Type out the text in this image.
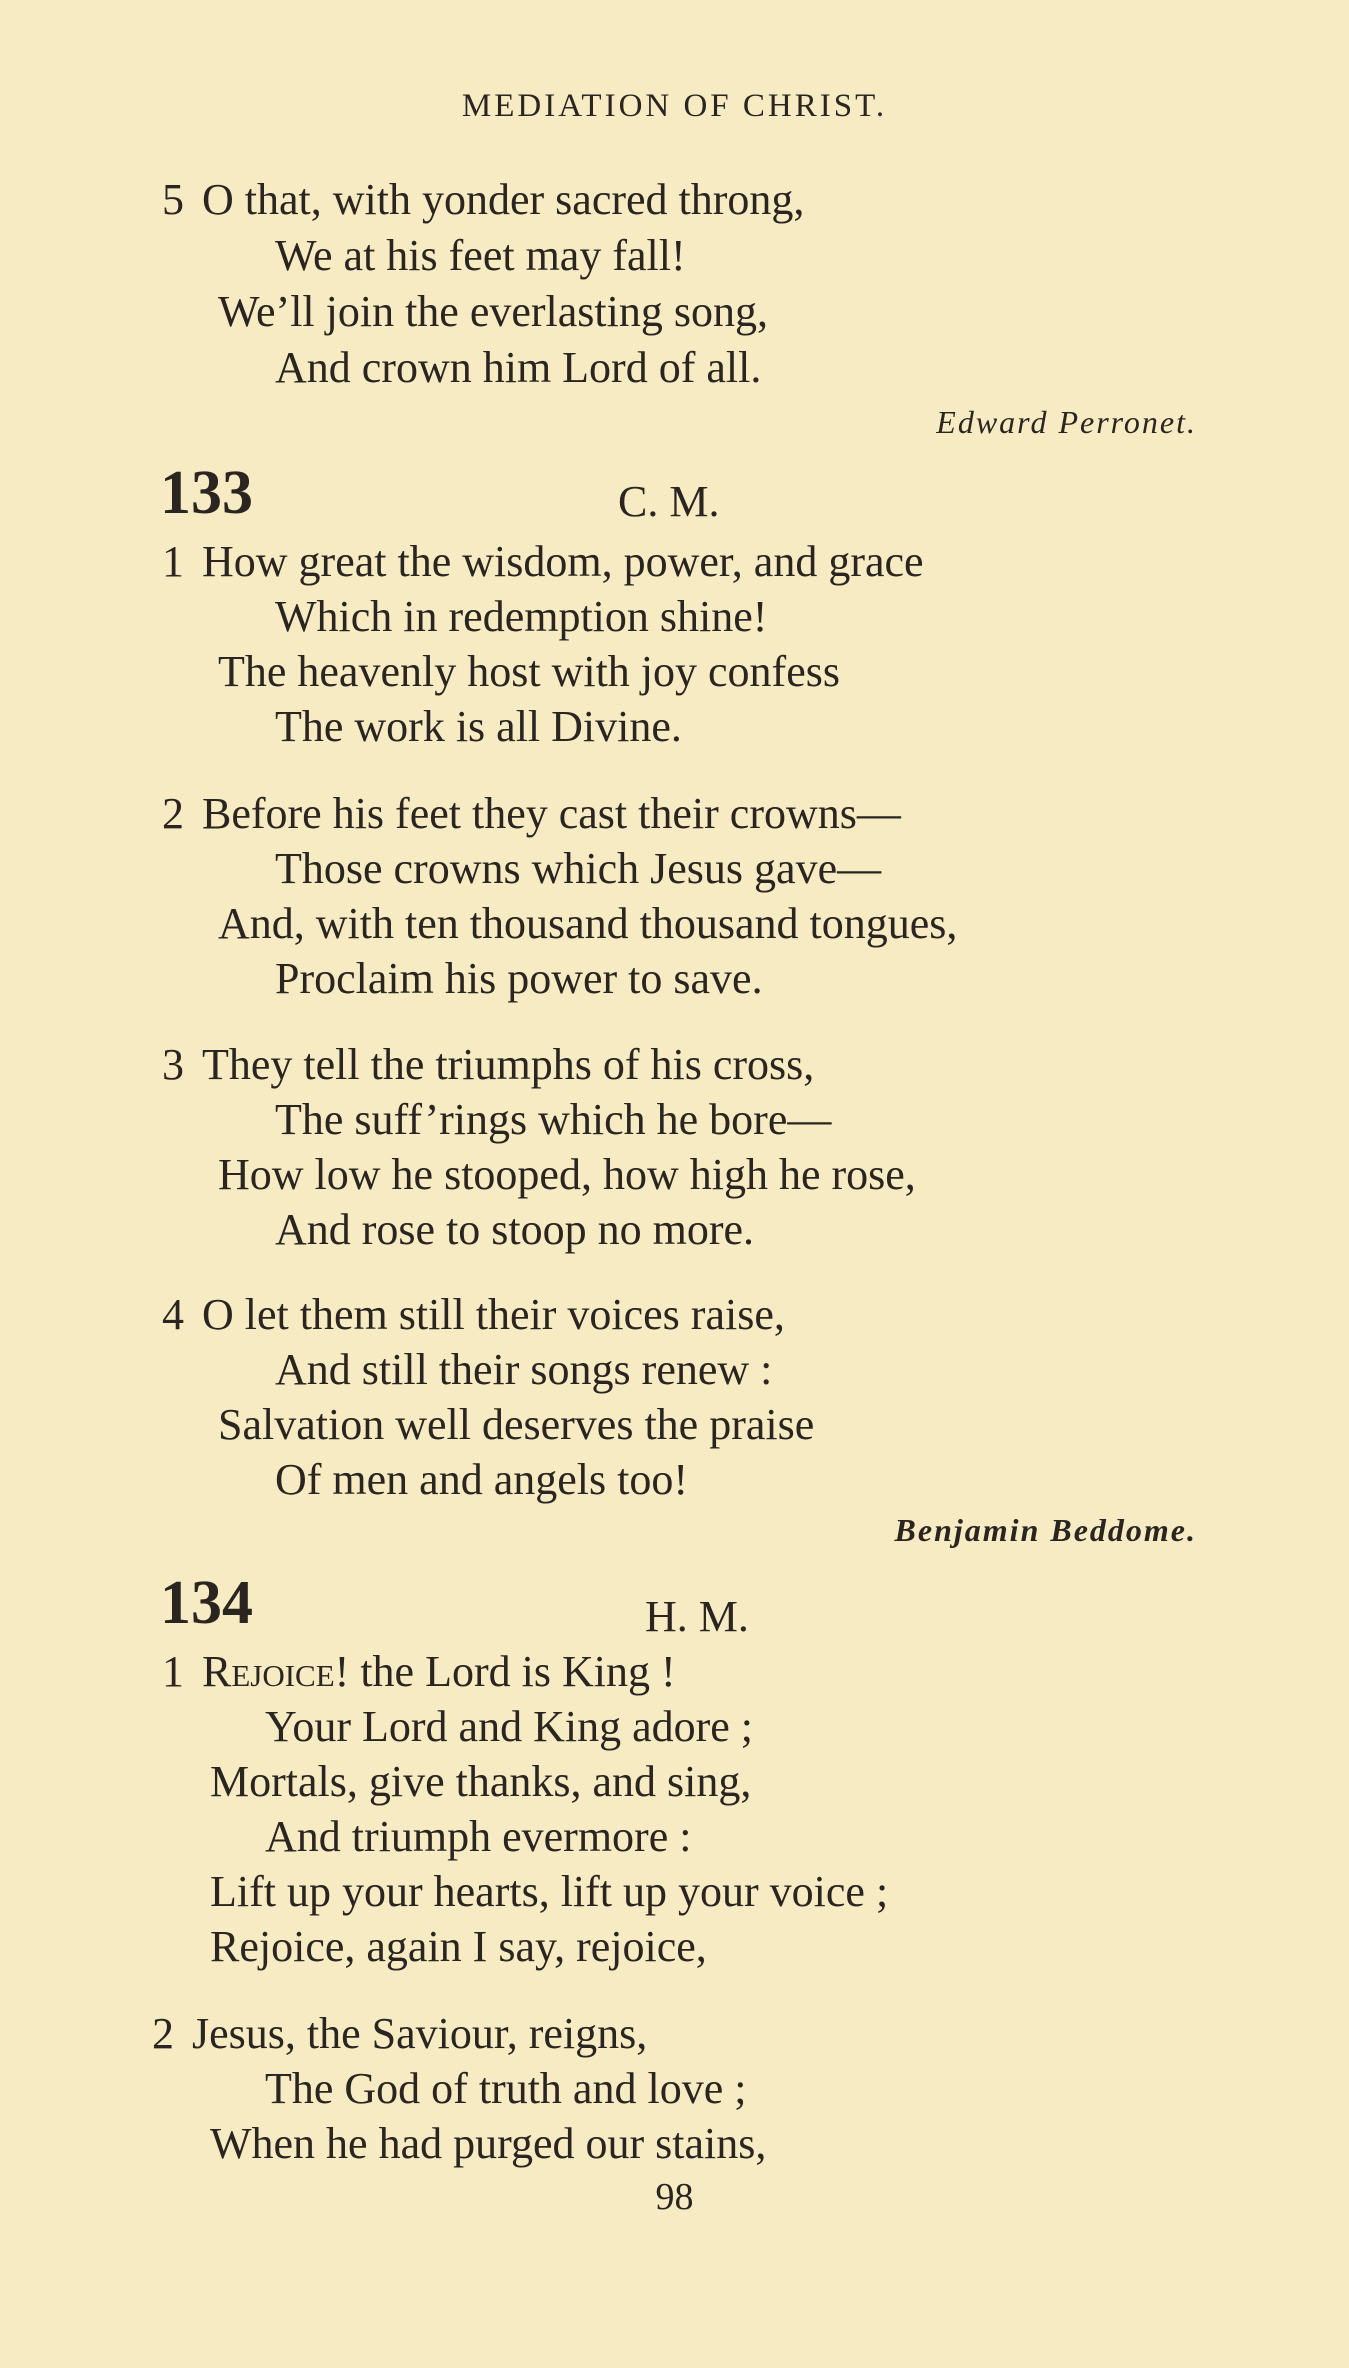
MEDIATION OF CHRIST.
5 O that, with yonder sacred throng,
We at his feet may fall!
We’ll join the everlasting song,
And crown him Lord of all.
Edward Perronet.
133	C. M.
1 How great the wisdom, power, and grace
Which in redemption shine!
The heavenly host with joy confess
The work is all Divine.
2 Before his feet they cast their crowns—
Those crowns which Jesus gave—
And, with ten thousand thousand tongues,
Proclaim his power to save.
3 They tell the triumphs of his cross,
The suff’rings which he bore—
How low he stooped, how high he rose,
And rose to stoop no more.
4 O let them still their voices raise,
And still their songs renew :
Salvation well deserves the praise
Of men and angels too!
Benjamin Beddome.
134	H. M.
1 Rejoice! the Lord is King !
Your Lord and King adore ;
Mortals, give thanks, and sing,
And triumph evermore :
Lift up your hearts, lift up your voice ;
Rejoice, again I say, rejoice,
2 Jesus, the Saviour, reigns,
The God of truth and love ;
When he had purged our stains,
98
